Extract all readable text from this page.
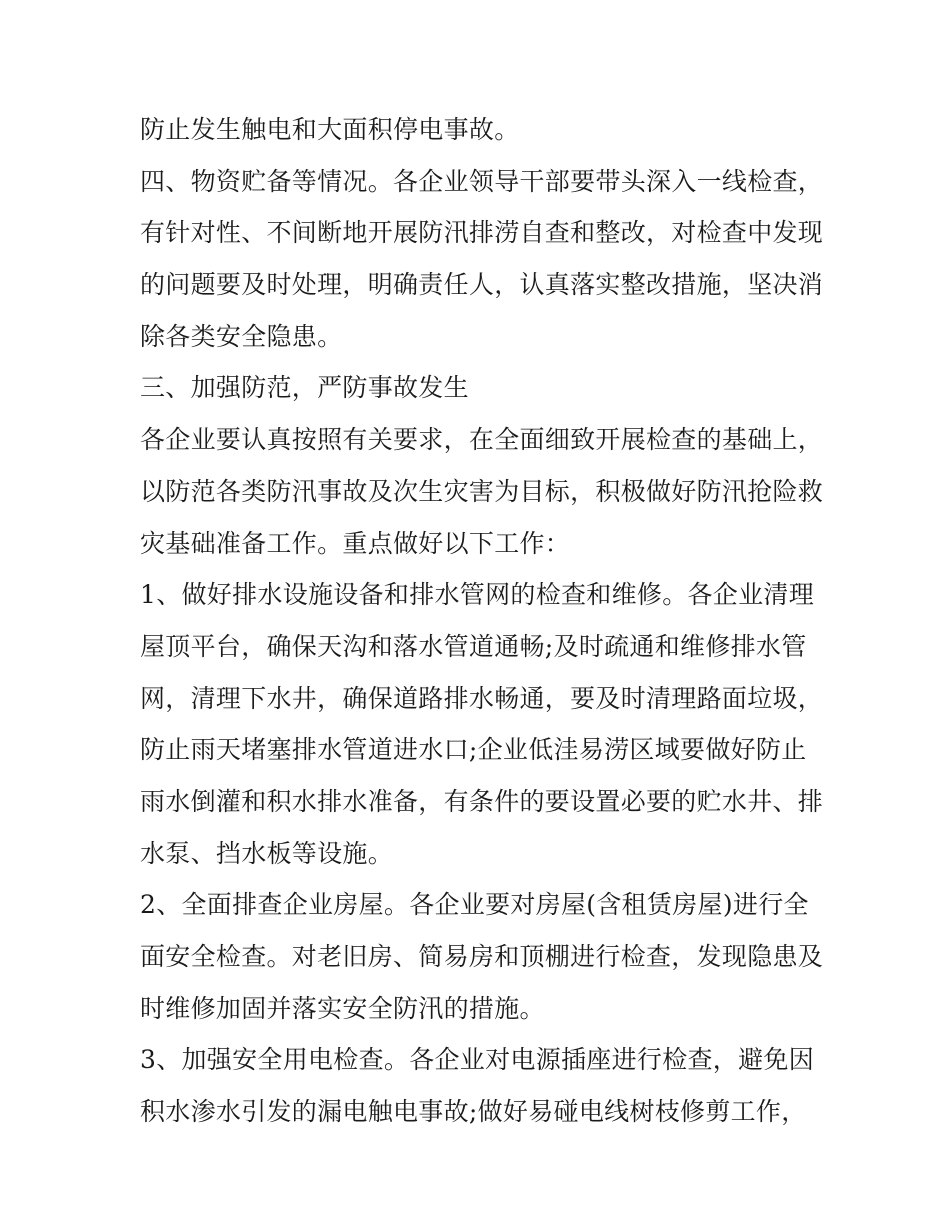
防止发生触电和大面积停电事故。
四、物资贮备等情况。各企业领导干部要带头深入一线检查，
有针对性、不间断地开展防汛排涝自查和整改，对检查中发现
的问题要及时处理，明确责任人，认真落实整改措施，坚决消
除各类安全隐患。
三、加强防范，严防事故发生
各企业要认真按照有关要求，在全面细致开展检查的基础上，
以防范各类防汛事故及次生灾害为目标，积极做好防汛抢险救
灾基础准备工作。重点做好以下工作：
1、做好排水设施设备和排水管网的检查和维修。各企业清理
屋顶平台，确保天沟和落水管道通畅;及时疏通和维修排水管
网，清理下水井，确保道路排水畅通，要及时清理路面垃圾，
防止雨天堵塞排水管道进水口;企业低洼易涝区域要做好防止
雨水倒灌和积水排水准备，有条件的要设置必要的贮水井、排
水泵、挡水板等设施。
2、全面排查企业房屋。各企业要对房屋(含租赁房屋)进行全
面安全检查。对老旧房、简易房和顶棚进行检查，发现隐患及
时维修加固并落实安全防汛的措施。
3、加强安全用电检查。各企业对电源插座进行检查，避免因
积水渗水引发的漏电触电事故;做好易碰电线树枝修剪工作，
